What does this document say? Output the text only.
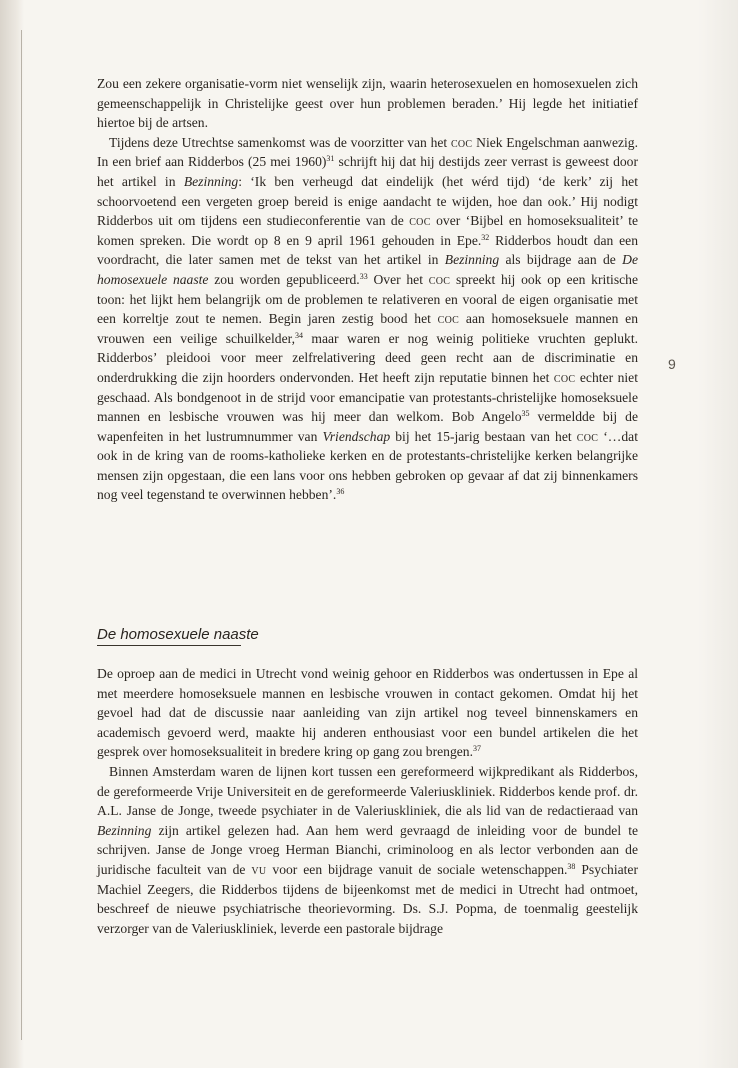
Zou een zekere organisatie-vorm niet wenselijk zijn, waarin heterosexuelen en homosexuelen zich gemeenschappelijk in Christelijke geest over hun problemen beraden.’ Hij legde het initiatief hiertoe bij de artsen.

Tijdens deze Utrechtse samenkomst was de voorzitter van het coc Niek Engelschman aanwezig. In een brief aan Ridderbos (25 mei 1960)$^{31}$ schrijft hij dat hij destijds zeer verrast is geweest door het artikel in Bezinning: ‘Ik ben verheugd dat eindelijk (het wérd tijd) ‘de kerk’ zij het schoorvoetend een vergeten groep bereid is enige aandacht te wijden, hoe dan ook.’ Hij nodigt Ridderbos uit om tijdens een studieconferentie van de coc over ‘Bijbel en homoseksualiteit’ te komen spreken. Die wordt op 8 en 9 april 1961 gehouden in Epe.$^{32}$ Ridderbos houdt dan een voordracht, die later samen met de tekst van het artikel in Bezinning als bijdrage aan de De homosexuele naaste zou worden gepubliceerd.$^{33}$ Over het coc spreekt hij ook op een kritische toon: het lijkt hem belangrijk om de problemen te relativeren en vooral de eigen organisatie met een korreltje zout te nemen. Begin jaren zestig bood het coc aan homoseksuele mannen en vrouwen een veilige schuilkelder,$^{34}$ maar waren er nog weinig politieke vruchten geplukt. Ridderbos’ pleidooi voor meer zelfrelativering deed geen recht aan de discriminatie en onderdrukking die zijn hoorders ondervonden. Het heeft zijn reputatie binnen het coc echter niet geschaad. Als bondgenoot in de strijd voor emancipatie van protestants-christelijke homoseksuele mannen en lesbische vrouwen was hij meer dan welkom. Bob Angelo$^{35}$ vermeldde bij de wapenfeiten in het lustrumnummer van Vriendschap bij het 15-jarig bestaan van het coc ‘…dat ook in de kring van de rooms-katholieke kerken en de protestants-christelijke kerken belangrijke mensen zijn opgestaan, die een lans voor ons hebben gebroken op gevaar af dat zij binnenkamers nog veel tegenstand te overwinnen hebben’.$^{36}$

De homosexuele naaste

De oproep aan de medici in Utrecht vond weinig gehoor en Ridderbos was ondertussen in Epe al met meerdere homoseksuele mannen en lesbische vrouwen in contact gekomen. Omdat hij het gevoel had dat de discussie naar aanleiding van zijn artikel nog teveel binnenskamers en academisch gevoerd werd, maakte hij anderen enthousiast voor een bundel artikelen die het gesprek over homoseksualiteit in bredere kring op gang zou brengen.$^{37}$

Binnen Amsterdam waren de lijnen kort tussen een gereformeerd wijkpredikant als Ridderbos, de gereformeerde Vrije Universiteit en de gereformeerde Valeriuskliniek. Ridderbos kende prof. dr. A.L. Janse de Jonge, tweede psychiater in de Valeriuskliniek, die als lid van de redactieraad van Bezinning zijn artikel gelezen had. Aan hem werd gevraagd de inleiding voor de bundel te schrijven. Janse de Jonge vroeg Herman Bianchi, criminoloog en als lector verbonden aan de juridische faculteit van de vu voor een bijdrage vanuit de sociale wetenschappen.$^{38}$ Psychiater Machiel Zeegers, die Ridderbos tijdens de bijeenkomst met de medici in Utrecht had ontmoet, beschreef de nieuwe psychiatrische theorievorming. Ds. S.J. Popma, de toenmalig geestelijk verzorger van de Valeriuskliniek, leverde een pastorale bijdrage

9
